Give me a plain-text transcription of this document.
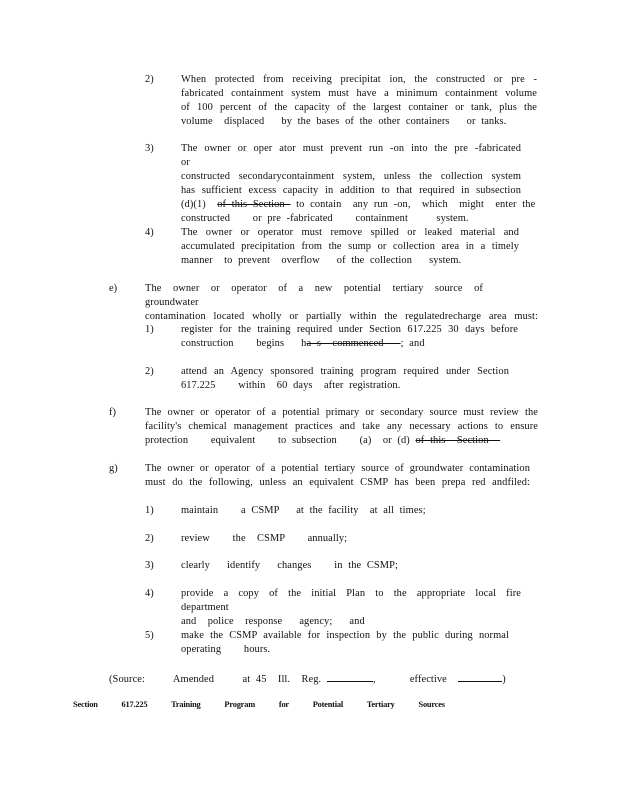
2)	When protected from receiving precipitat ion, the constructed or pre -
fabricated containment system must have a minimum containment volume
of 100 percent of the capacity of the largest container or tank, plus the
volume  displaced   by the bases of the other containers   or tanks.
3)	The owner or oper ator must prevent run -on into the pre -fabricated or
constructed secondarycontainment system, unless the collection system
has sufficient excess capacity in addition to that required in subsection
(d)(1)  of this Section  to contain  any run -on,  which  might  enter the
constructed    or pre -fabricated    containment     system.
4)	The owner or operator must remove spilled or leaked material and
accumulated precipitation from the sump or collection area in a timely
manner  to prevent  overflow   of the collection   system.
e)	The owner or operator of a new potential tertiary source of groundwater
contamination located wholly or partially within the regulatedrecharge area must:
1)	register for the training required under Section 617.225 30 days before
construction    begins   ha s  commenced   ; and
2)	attend an Agency sponsored training program required under Section
617.225    within  60 days  after registration.
f)	The owner or operator of a potential primary or secondary source must review the
facility's chemical management practices and take any necessary actions to ensure
protection    equivalent    to subsection    (a)  or (d) of this  Section
g)	The owner or operator of a potential tertiary source of groundwater contamination
must do the following, unless an equivalent CSMP has been prepa red andfiled:
1)	maintain    a CSMP   at the facility  at all times;
2)	review    the  CSMP    annually;
3)	clearly   identify   changes    in the CSMP;
4)	provide a copy of the initial Plan to the appropriate local fire department
and  police  response   agency;   and
5)	make the CSMP available for inspection by the public during normal
operating    hours.
(Source:     Amended     at 45  Ill.  Reg.	,      effective	)
Section 617.225 Training Program for Potential Tertiary Sources
